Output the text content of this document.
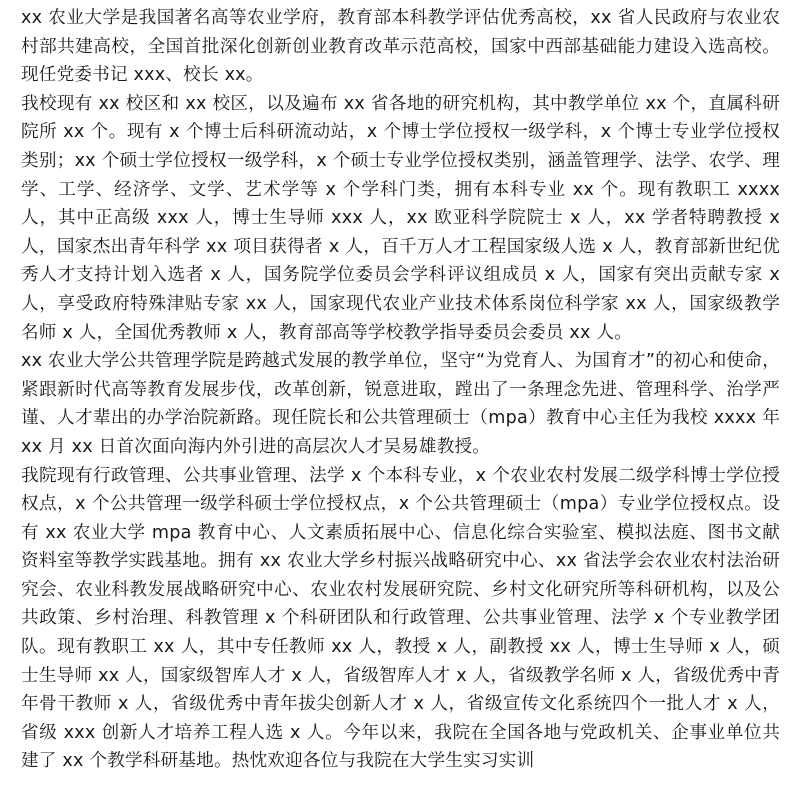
xx 农业大学是我国著名高等农业学府，教育部本科教学评估优秀高校，xx 省人民政府与农业农村部共建高校，全国首批深化创新创业教育改革示范高校，国家中西部基础能力建设入选高校。现任党委书记 xxx、校长 xx。

我校现有 xx 校区和 xx 校区，以及遍布 xx 省各地的研究机构，其中教学单位 xx 个，直属科研院所 xx 个。现有 x 个博士后科研流动站，x 个博士学位授权一级学科，x 个博士专业学位授权类别；xx 个硕士学位授权一级学科，x 个硕士专业学位授权类别，涵盖管理学、法学、农学、理学、工学、经济学、文学、艺术学等 x 个学科门类，拥有本科专业 xx 个。现有教职工 xxxx 人，其中正高级 xxx 人，博士生导师 xxx 人，xx 欧亚科学院院士 x 人，xx 学者特聘教授 x 人，国家杰出青年科学 xx 项目获得者 x 人，百千万人才工程国家级人选 x 人，教育部新世纪优秀人才支持计划入选者 x 人，国务院学位委员会学科评议组成员 x 人，国家有突出贡献专家 x 人，享受政府特殊津贴专家 xx 人，国家现代农业产业技术体系岗位科学家 xx 人，国家级教学名师 x 人，全国优秀教师 x 人，教育部高等学校教学指导委员会委员 xx 人。

xx 农业大学公共管理学院是跨越式发展的教学单位，坚守“为党育人、为国育才”的初心和使命，紧跟新时代高等教育发展步伐，改革创新，锐意进取，蹚出了一条理念先进、管理科学、治学严谨、人才辈出的办学治院新路。现任院长和公共管理硕士（mpa）教育中心主任为我校 xxxx 年 xx 月 xx 日首次面向海内外引进的高层次人才吴易雄教授。

我院现有行政管理、公共事业管理、法学 x 个本科专业，x 个农业农村发展二级学科博士学位授权点，x 个公共管理一级学科硕士学位授权点，x 个公共管理硕士（mpa）专业学位授权点。设有 xx 农业大学 mpa 教育中心、人文素质拓展中心、信息化综合实验室、模拟法庭、图书文献资料室等教学实践基地。拥有 xx 农业大学乡村振兴战略研究中心、xx 省法学会农业农村法治研究会、农业科教发展战略研究中心、农业农村发展研究院、乡村文化研究所等科研机构，以及公共政策、乡村治理、科教管理 x 个科研团队和行政管理、公共事业管理、法学 x 个专业教学团队。现有教职工 xx 人，其中专任教师 xx 人，教授 x 人，副教授 xx 人，博士生导师 x 人，硕士生导师 xx 人，国家级智库人才 x 人，省级智库人才 x 人，省级教学名师 x 人，省级优秀中青年骨干教师 x 人，省级优秀中青年拔尖创新人才 x 人，省级宣传文化系统四个一批人才 x 人，省级 xxx 创新人才培养工程人选 x 人。今年以来，我院在全国各地与党政机关、企事业单位共建了 xx 个教学科研基地。热忱欢迎各位与我院在大学生实习实训
